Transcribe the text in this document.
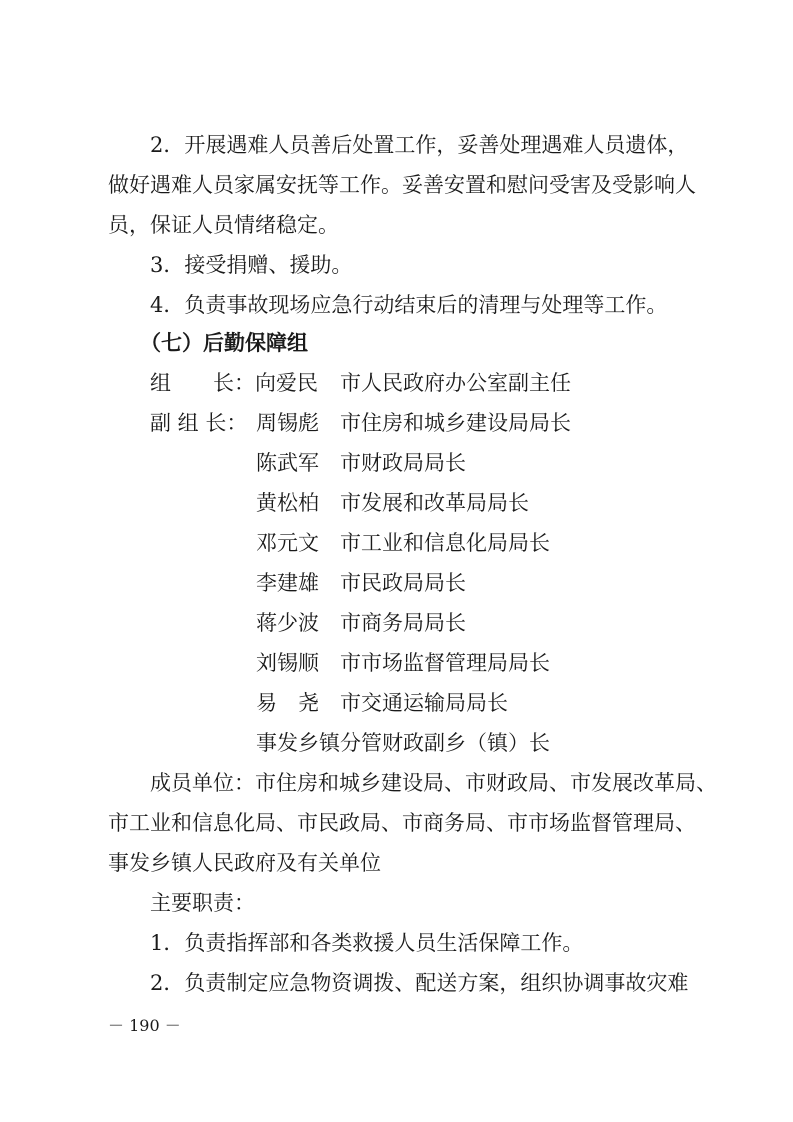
2．开展遇难人员善后处置工作，妥善处理遇难人员遗体，
做好遇难人员家属安抚等工作。妥善安置和慰问受害及受影响人
员，保证人员情绪稳定。
3．接受捐赠、援助。
4．负责事故现场应急行动结束后的清理与处理等工作。
（七）后勤保障组
组　　长：向爱民 市人民政府办公室副主任
副 组 长： 周锡彪 市住房和城乡建设局局长
陈武军 市财政局局长
黄松柏 市发展和改革局局长
邓元文 市工业和信息化局局长
李建雄 市民政局局长
蒋少波 市商务局局长
刘锡顺 市市场监督管理局局长
易　尧 市交通运输局局长
事发乡镇分管财政副乡（镇）长
成员单位：市住房和城乡建设局、市财政局、市发展改革局、
市工业和信息化局、市民政局、市商务局、市市场监督管理局、
事发乡镇人民政府及有关单位
主要职责：
1．负责指挥部和各类救援人员生活保障工作。
2．负责制定应急物资调拨、配送方案，组织协调事故灾难
－ 190 －
